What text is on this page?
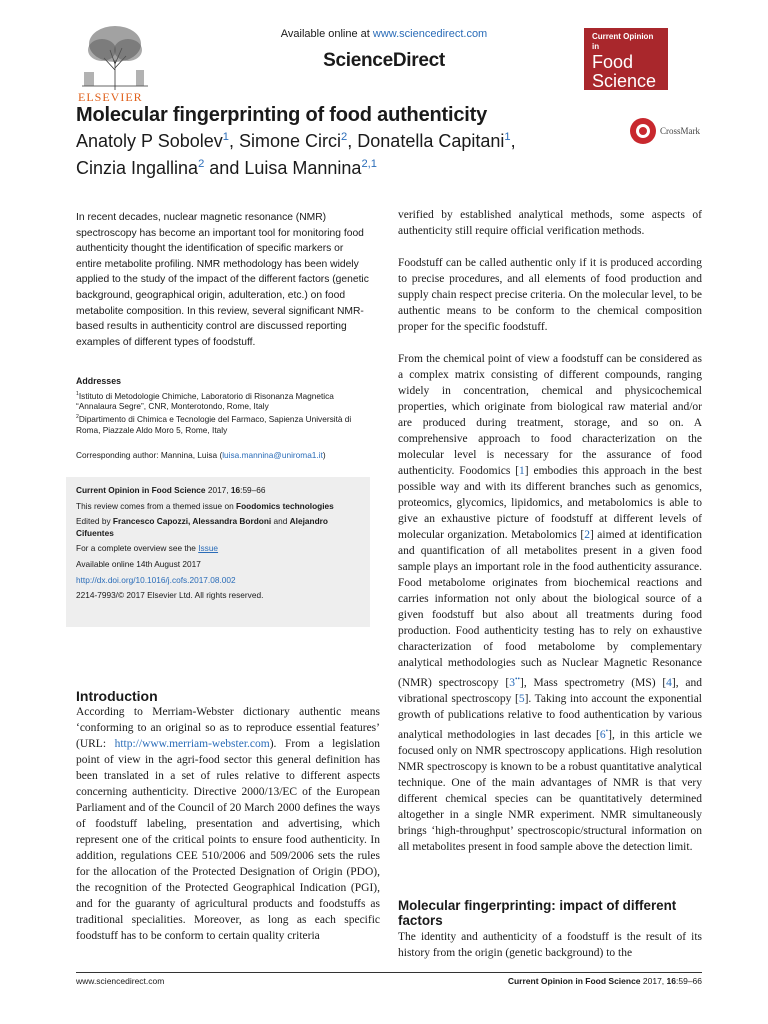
ELSEVIER
Available online at www.sciencedirect.com
ScienceDirect
Current Opinion in
Food
Science
Molecular fingerprinting of food authenticity
Anatoly P Sobolev$^1$, Simone Circi$^2$, Donatella Capitani$^1$,
Cinzia Ingallina$^2$ and Luisa Mannina$^{2,1}$
CrossMark
In recent decades, nuclear magnetic resonance (NMR) spectroscopy has become an important tool for monitoring food authenticity thought the identification of specific markers or entire metabolite profiling. NMR methodology has been widely applied to the study of the impact of the different factors (genetic background, geographical origin, adulteration, etc.) on food metabolite composition. In this review, several significant NMR-based results in authenticity control are discussed reporting examples of different types of foodstuff.
Addresses
$^1$Istituto di Metodologie Chimiche, Laboratorio di Risonanza Magnetica “Annalaura Segre”, CNR, Monterotondo, Rome, Italy
$^2$Dipartimento di Chimica e Tecnologie del Farmaco, Sapienza Università di Roma, Piazzale Aldo Moro 5, Rome, Italy
Corresponding author: Mannina, Luisa (luisa.mannina@uniroma1.it)

Current Opinion in Food Science 2017, 16:59–66

This review comes from a themed issue on Foodomics technologies

Edited by Francesco Capozzi, Alessandra Bordoni and Alejandro Cifuentes

For a complete overview see the Issue

Available online 14th August 2017

http://dx.doi.org/10.1016/j.cofs.2017.08.002

2214-7993/© 2017 Elsevier Ltd. All rights reserved.

Introduction
According to Merriam-Webster dictionary authentic means ‘conforming to an original so as to reproduce essential features’ (URL: http://www.merriam-webster.com). From a legislation point of view in the agri-food sector this general definition has been translated in a set of rules relative to different aspects concerning authenticity. Directive 2000/13/EC of the European Parliament and of the Council of 20 March 2000 defines the ways of foodstuff labeling, presentation and advertising, which represent one of the critical points to ensure food authenticity. In addition, regulations CEE 510/2006 and 509/2006 sets the rules for the allocation of the Protected Designation of Origin (PDO), the recognition of the Protected Geographical Indication (PGI), and for the guaranty of agricultural products and foodstuffs as traditional specialities. Moreover, as long as each specific foodstuff has to be conform to certain quality criteria

verified by established analytical methods, some aspects of authenticity still require official verification methods.

Foodstuff can be called authentic only if it is produced according to precise procedures, and all elements of food production and supply chain respect precise criteria. On the molecular level, to be authentic means to be conform to the chemical composition proper for the specific foodstuff.

From the chemical point of view a foodstuff can be considered as a complex matrix consisting of different compounds, ranging widely in concentration, chemical and physicochemical properties, which originate from biological raw material and/or are produced during treatment, storage, and so on. A comprehensive approach to food characterization on the molecular level is necessary for the assurance of food authenticity. Foodomics [1] embodies this approach in the best possible way and with its different branches such as genomics, proteomics, glycomics, lipidomics, and metabolomics is able to give an exhaustive picture of foodstuff at different levels of molecular organization. Metabolomics [2] aimed at identification and quantification of all metabolites present in a given food sample plays an important role in the food authenticity assurance. Food metabolome originates from biochemical reactions and carries information not only about the biological source of a given foodstuff but also about all treatments during food production. Food authenticity testing has to rely on exhaustive characterization of food metabolome by complementary analytical methodologies such as Nuclear Magnetic Resonance (NMR) spectroscopy [3••], Mass spectrometry (MS) [4], and vibrational spectroscopy [5]. Taking into account the exponential growth of publications relative to food authentication by various analytical methodologies in last decades [6•], in this article we focused only on NMR spectroscopy applications. High resolution NMR spectroscopy is known to be a robust quantitative analytical technique. One of the main advantages of NMR is that very different chemical species can be quantitatively determined altogether in a single NMR experiment. NMR simultaneously brings ‘high-throughput’ spectroscopic/structural information on all metabolites present in food sample above the detection limit.

Molecular fingerprinting: impact of different factors
The identity and authenticity of a foodstuff is the result of its history from the origin (genetic background) to the
www.sciencedirect.com	Current Opinion in Food Science 2017, 16:59–66
